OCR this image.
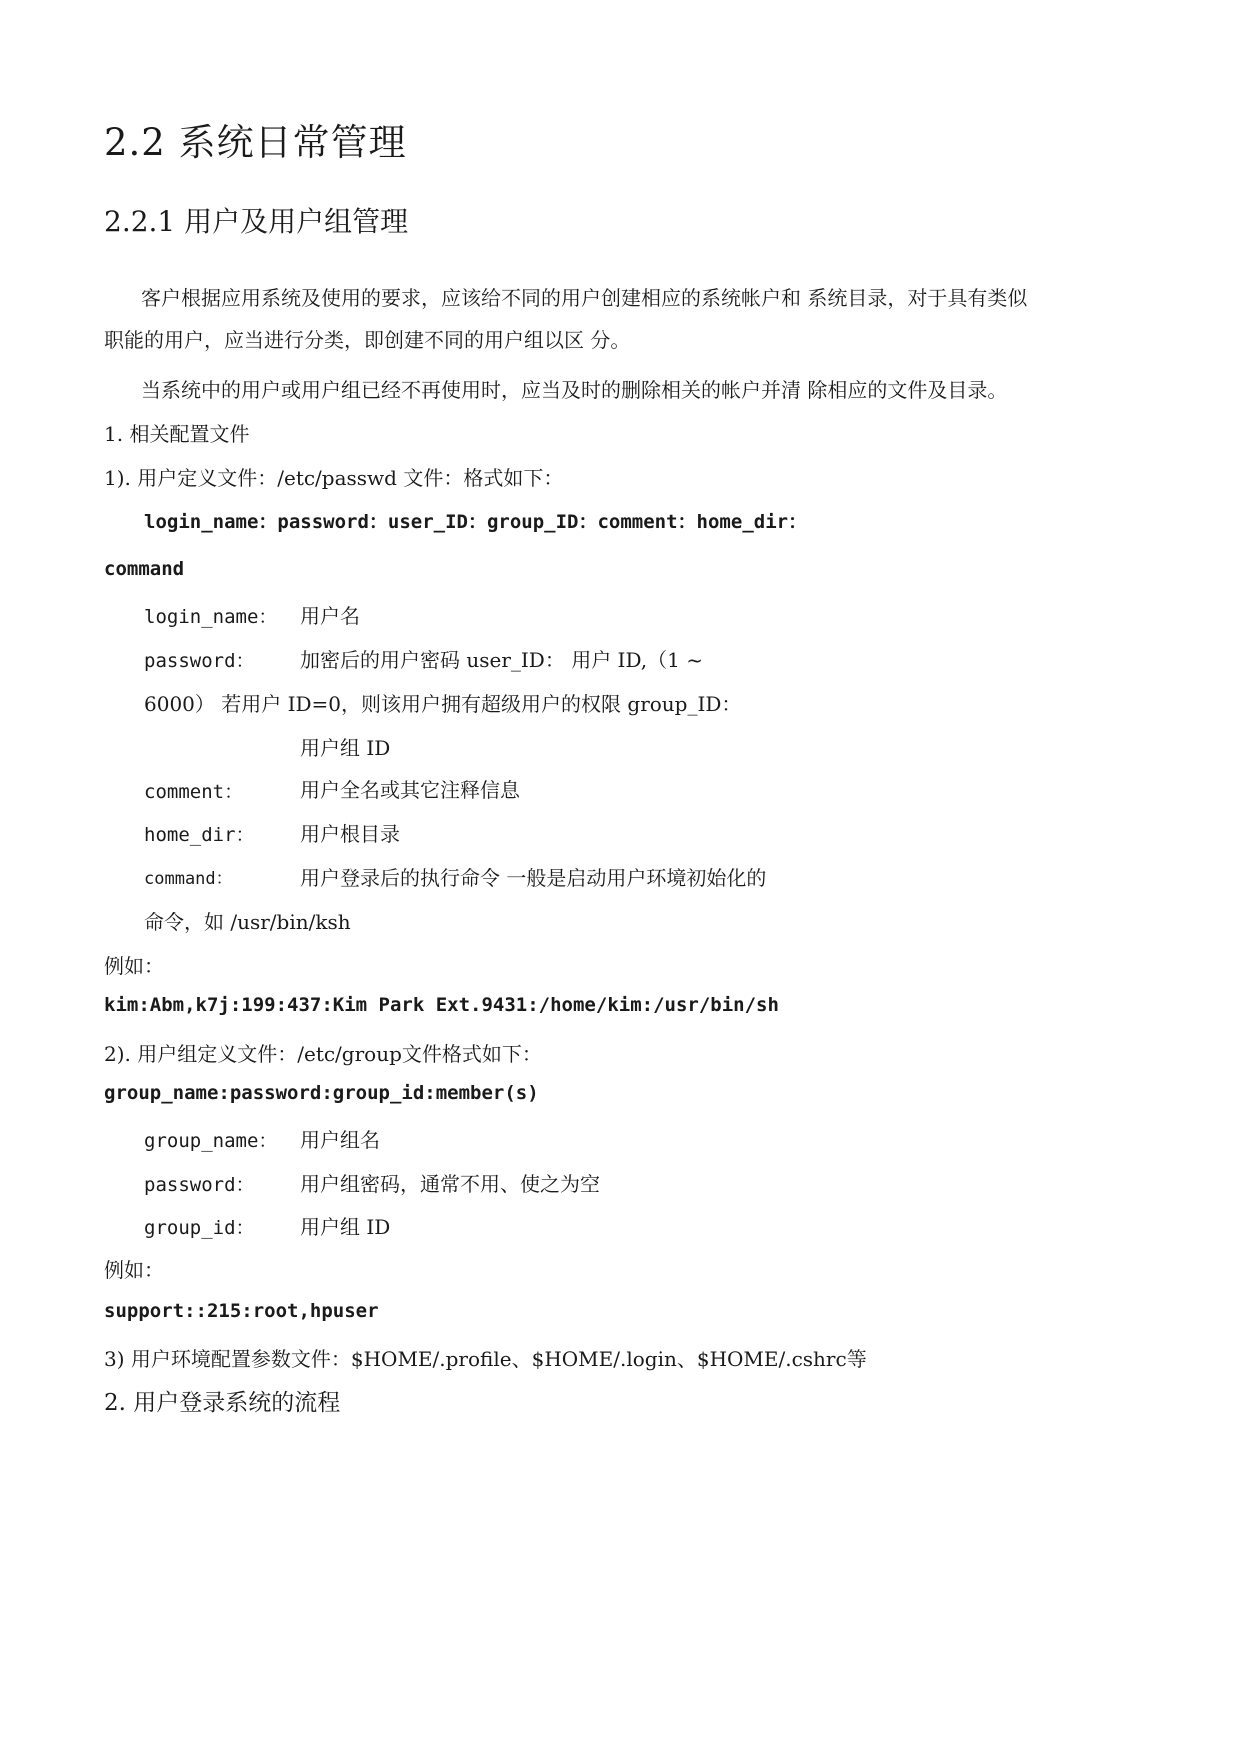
2.2 系统日常管理
2.2.1 用户及用户组管理
客户根据应用系统及使用的要求，应该给不同的用户创建相应的系统帐户和 系统目录，对于具有类似
职能的用户，应当进行分类，即创建不同的用户组以区 分。
当系统中的用户或用户组已经不再使用时，应当及时的删除相关的帐户并清 除相应的文件及目录。
1. 相关配置文件
1). 用户定义文件：/etc/passwd 文件：格式如下：
login_name：password：user_ID：group_ID：comment：home_dir：
command
login_name： 用户名
password： 加密后的用户密码 user_ID： 用户 ID,（1 ~
6000） 若用户 ID=0，则该用户拥有超级用户的权限 group_ID：
用户组 ID
comment：	用户全名或其它注释信息
home_dir： 用户根目录
command：	用户登录后的执行命令 一般是启动用户环境初始化的
命令，如 /usr/bin/ksh
例如：
kim:Abm,k7j:199:437:Kim Park Ext.9431:/home/kim:/usr/bin/sh
2). 用户组定义文件：/etc/group文件格式如下：
group_name:password:group_id:member(s)
group_name： 用户组名
password： 用户组密码，通常不用、使之为空
group_id： 用户组 ID
例如：
support::215:root,hpuser
3) 用户环境配置参数文件：$HOME/.profile、$HOME/.login、$HOME/.cshrc等
2. 用户登录系统的流程
